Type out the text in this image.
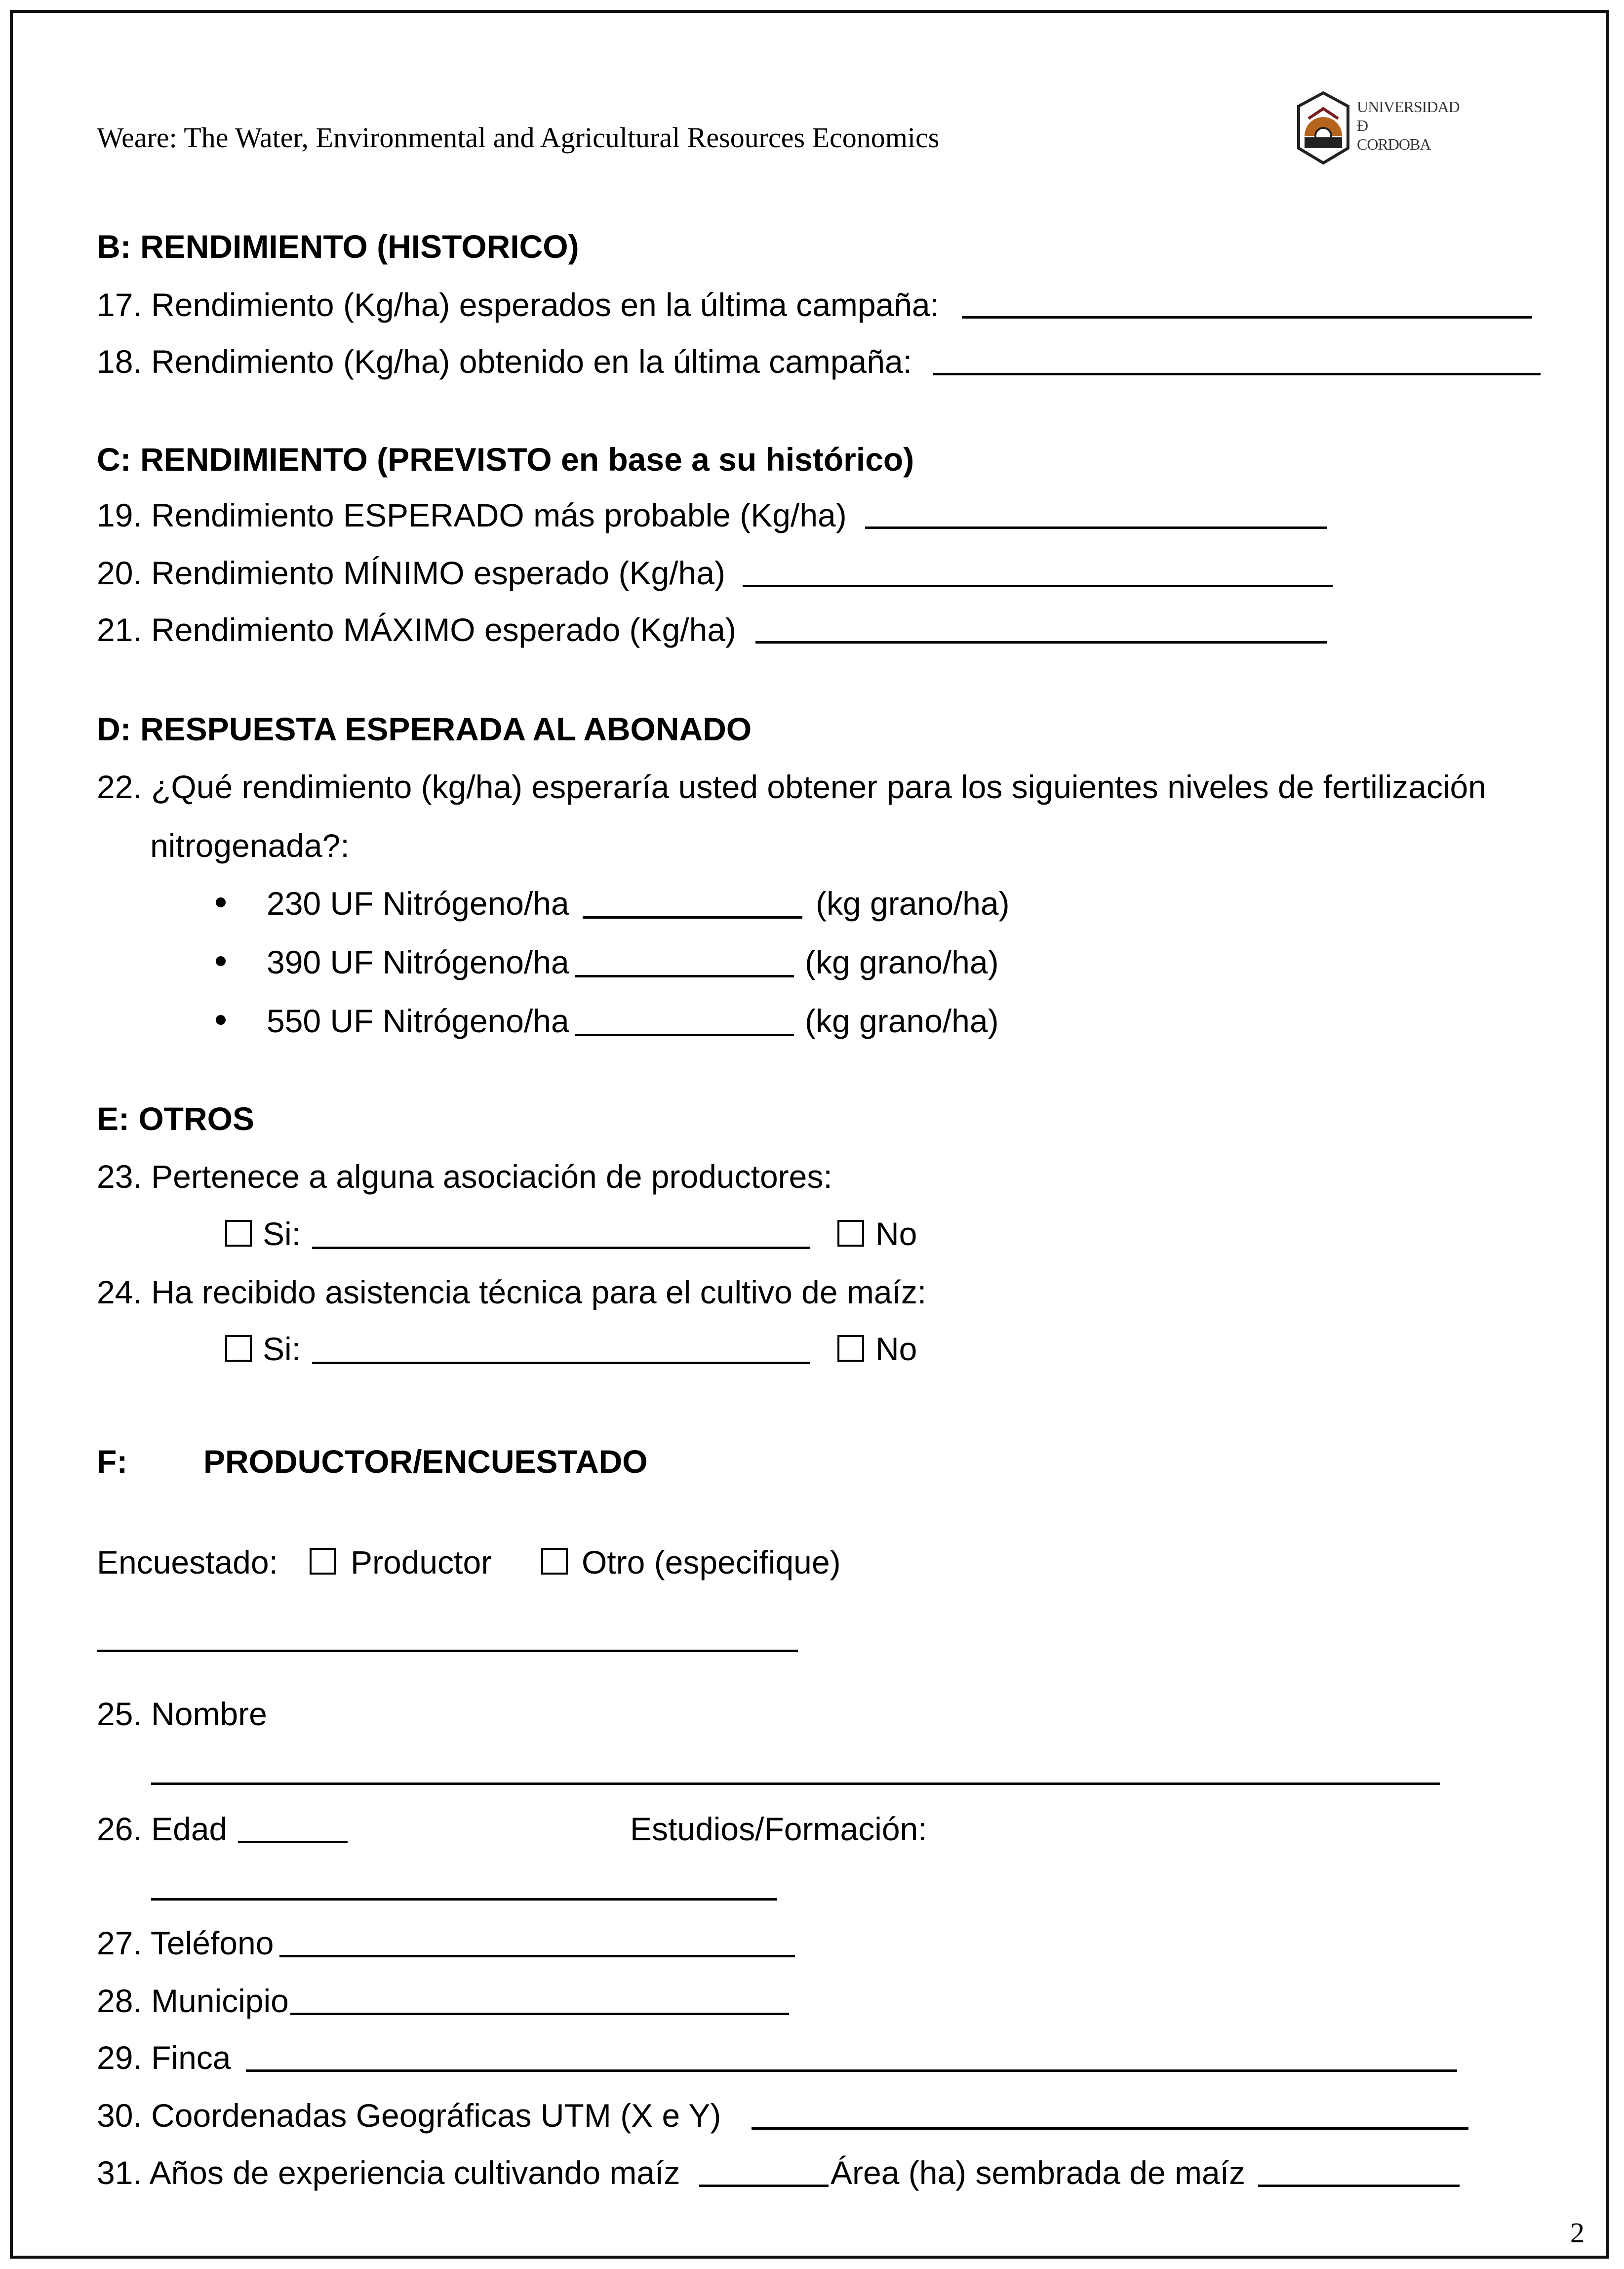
Weare: The Water, Environmental and Agricultural Resources Economics
UNIVERSIDAD
Ð
CORDOBA
B: RENDIMIENTO (HISTORICO)
17. Rendimiento (Kg/ha) esperados en la última campaña:
18. Rendimiento (Kg/ha) obtenido en la última campaña:
C: RENDIMIENTO (PREVISTO en base a su histórico)
19. Rendimiento ESPERADO más probable (Kg/ha)
20. Rendimiento MÍNIMO esperado (Kg/ha)
21. Rendimiento MÁXIMO esperado (Kg/ha)
D: RESPUESTA ESPERADA AL ABONADO
22. ¿Qué rendimiento (kg/ha) esperaría usted obtener para los siguientes niveles de fertilización
nitrogenada?:
230 UF Nitrógeno/ha	(kg grano/ha)
390 UF Nitrógeno/ha	(kg grano/ha)
550 UF Nitrógeno/ha	(kg grano/ha)
E: OTROS
23. Pertenece a alguna asociación de productores:
Si:	No
24. Ha recibido asistencia técnica para el cultivo de maíz:
Si:	No
F: PRODUCTOR/ENCUESTADO
Encuestado: Productor	Otro (especifique)
25. Nombre
26. Edad	Estudios/Formación:
27. Teléfono
28. Municipio
29. Finca
30. Coordenadas Geográficas UTM (X e Y)
31. Años de experiencia cultivando maíz	Área (ha) sembrada de maíz
2
